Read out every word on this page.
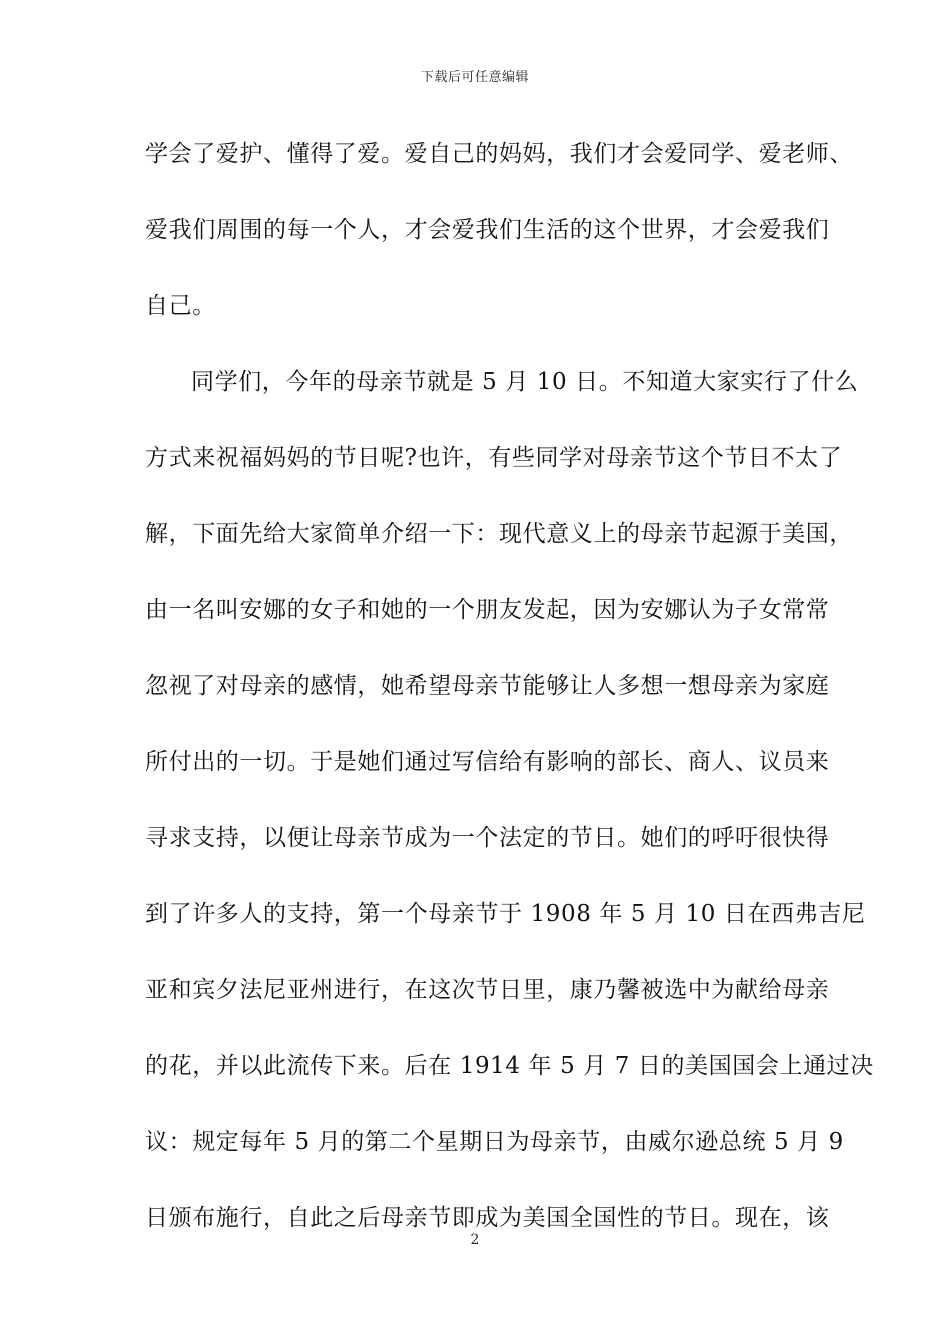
下载后可任意编辑
学会了爱护、懂得了爱。爱自己的妈妈，我们才会爱同学、爱老师、
爱我们周围的每一个人，才会爱我们生活的这个世界，才会爱我们
自己。
同学们，今年的母亲节就是 5 月 10 日。不知道大家实行了什么
方式来祝福妈妈的节日呢?也许，有些同学对母亲节这个节日不太了
解，下面先给大家简单介绍一下：现代意义上的母亲节起源于美国，
由一名叫安娜的女子和她的一个朋友发起，因为安娜认为子女常常
忽视了对母亲的感情，她希望母亲节能够让人多想一想母亲为家庭
所付出的一切。于是她们通过写信给有影响的部长、商人、议员来
寻求支持，以便让母亲节成为一个法定的节日。她们的呼吁很快得
到了许多人的支持，第一个母亲节于 1908 年 5 月 10 日在西弗吉尼
亚和宾夕法尼亚州进行，在这次节日里，康乃馨被选中为献给母亲
的花，并以此流传下来。后在 1914 年 5 月 7 日的美国国会上通过决
议：规定每年 5 月的第二个星期日为母亲节，由威尔逊总统 5 月 9
日颁布施行，自此之后母亲节即成为美国全国性的节日。现在，该
2
